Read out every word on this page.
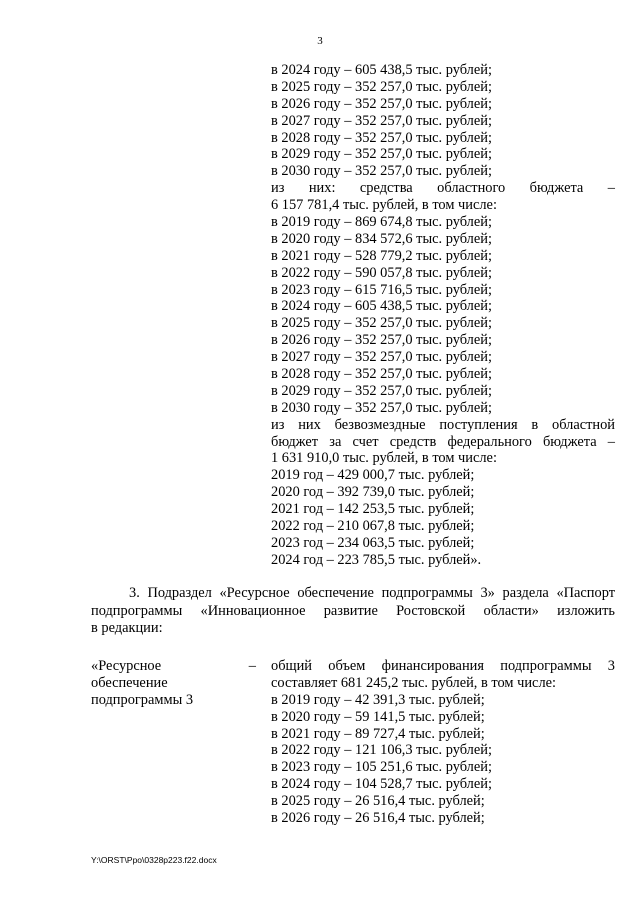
3
в 2024 году – 605 438,5 тыс. рублей;
в 2025 году – 352 257,0 тыс. рублей;
в 2026 году – 352 257,0 тыс. рублей;
в 2027 году – 352 257,0 тыс. рублей;
в 2028 году – 352 257,0 тыс. рублей;
в 2029 году – 352 257,0 тыс. рублей;
в 2030 году – 352 257,0 тыс. рублей;
из них: средства областного бюджета –
6 157 781,4 тыс. рублей, в том числе:
в 2019 году – 869 674,8 тыс. рублей;
в 2020 году – 834 572,6 тыс. рублей;
в 2021 году – 528 779,2 тыс. рублей;
в 2022 году – 590 057,8 тыс. рублей;
в 2023 году – 615 716,5 тыс. рублей;
в 2024 году – 605 438,5 тыс. рублей;
в 2025 году – 352 257,0 тыс. рублей;
в 2026 году – 352 257,0 тыс. рублей;
в 2027 году – 352 257,0 тыс. рублей;
в 2028 году – 352 257,0 тыс. рублей;
в 2029 году – 352 257,0 тыс. рублей;
в 2030 году – 352 257,0 тыс. рублей;
из них безвозмездные поступления в областной
бюджет за счет средств федерального бюджета –
1 631 910,0 тыс. рублей, в том числе:
2019 год – 429 000,7 тыс. рублей;
2020 год – 392 739,0 тыс. рублей;
2021 год – 142 253,5 тыс. рублей;
2022 год – 210 067,8 тыс. рублей;
2023 год – 234 063,5 тыс. рублей;
2024 год – 223 785,5 тыс. рублей».
3. Подраздел «Ресурсное обеспечение подпрограммы 3» раздела «Паспорт
подпрограммы «Инновационное развитие Ростовской области» изложить
в редакции:
«Ресурсное	–
обеспечение
подпрограммы 3
общий объем финансирования подпрограммы 3
составляет 681 245,2 тыс. рублей, в том числе:
в 2019 году – 42 391,3 тыс. рублей;
в 2020 году – 59 141,5 тыс. рублей;
в 2021 году – 89 727,4 тыс. рублей;
в 2022 году – 121 106,3 тыс. рублей;
в 2023 году – 105 251,6 тыс. рублей;
в 2024 году – 104 528,7 тыс. рублей;
в 2025 году – 26 516,4 тыс. рублей;
в 2026 году – 26 516,4 тыс. рублей;
Y:\ORST\Ppo\0328p223.f22.docx
